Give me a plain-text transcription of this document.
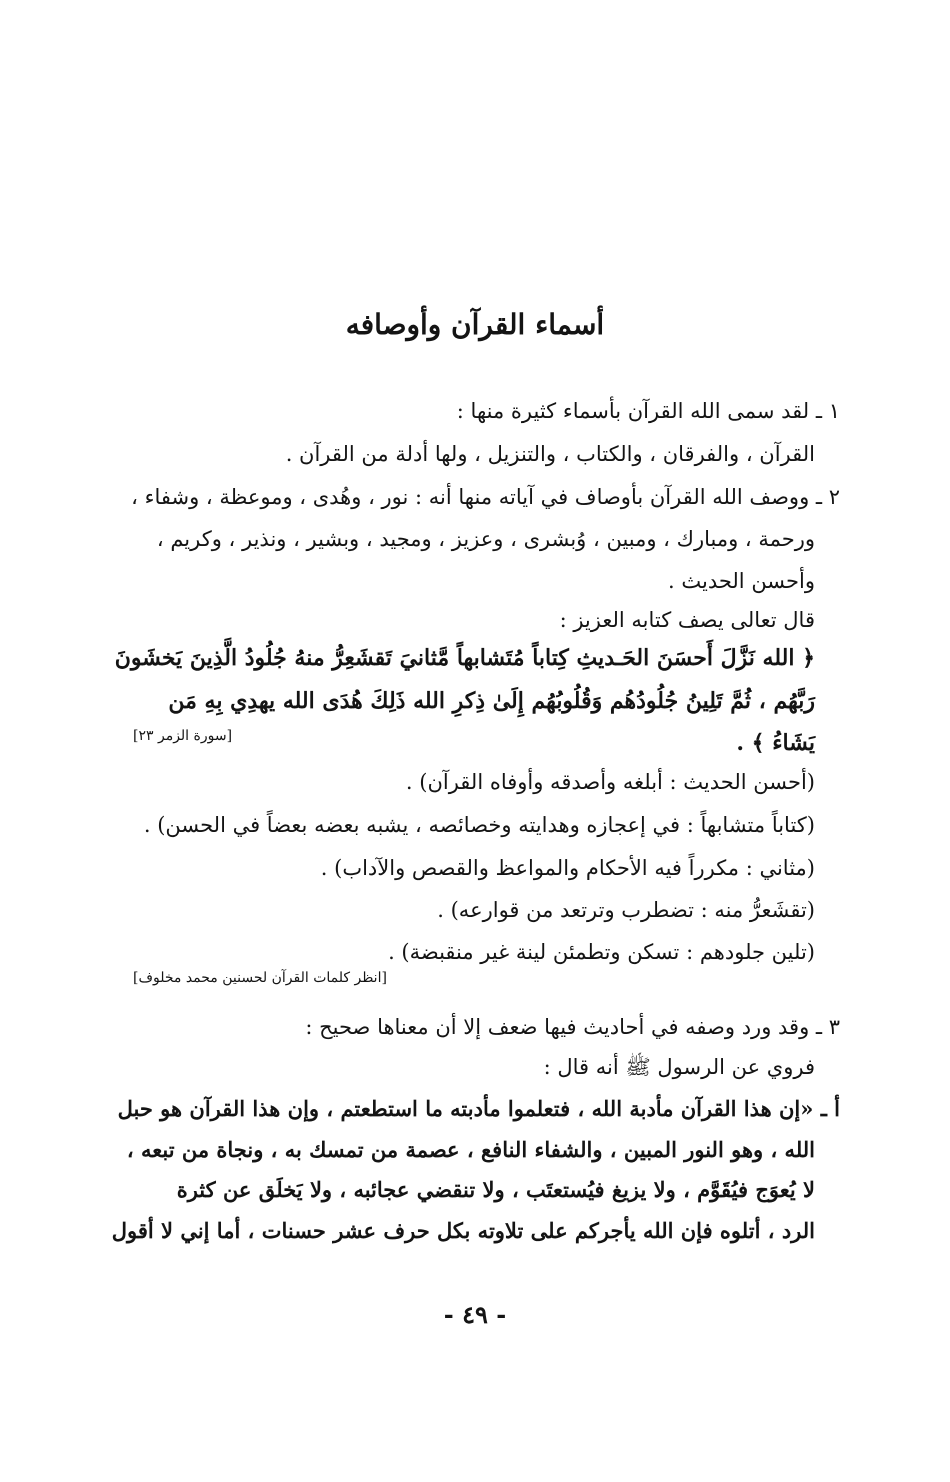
أسماء القرآن وأوصافه
١ ـ لقد سمى الله القرآن بأسماء كثيرة منها :
القرآن ، والفرقان ، والكتاب ، والتنزيل ، ولها أدلة من القرآن .
٢ ـ ووصف الله القرآن بأوصاف في آياته منها أنه : نور ، وهُدى ، وموعظة ، وشفاء ،
ورحمة ، ومبارك ، ومبين ، وُبشرى ، وعزيز ، ومجيد ، وبشير ، ونذير ، وكريم ،
وأحسن الحديث .
قال تعالى يصف كتابه العزيز :
﴿ الله نَزَّلَ أَحسَنَ الحَـديثِ كِتاباً مُتَشابهاً مَّثانيَ تَقشَعِرُّ منهُ جُلُودُ الَّذِينَ يَخشَونَ
رَبَّهُم ، ثُمَّ تَلِينُ جُلُودُهُم وَقُلُوبُهُم إِلَىٰ ذِكرِ الله ذَلِكَ هُدَى الله يهدِي بِهِ مَن
يَشَاءُ ﴾ .
[سورة الزمر ٢٣]
(أحسن الحديث : أبلغه وأصدقه وأوفاه القرآن) .
(كتاباً متشابهاً : في إعجازه وهدايته وخصائصه ، يشبه بعضه بعضاً في الحسن) .
(مثاني : مكرراً فيه الأحكام والمواعظ والقصص والآداب) .
(تقشَعرُّ منه : تضطرب وترتعد من قوارعه) .
(تلين جلودهم : تسكن وتطمئن لينة غير منقبضة) .
[انظر كلمات القرآن لحسنين محمد مخلوف]
٣ ـ وقد ورد وصفه في أحاديث فيها ضعف إلا أن معناها صحيح :
فروي عن الرسول ﷺ أنه قال :
أ ـ «إن هذا القرآن مأدبة الله ، فتعلموا مأدبته ما استطعتم ، وإن هذا القرآن هو حبل
الله ، وهو النور المبين ، والشفاء النافع ، عصمة من تمسك به ، ونجاة من تبعه ،
لا يُعوَج فيُقَوَّم ، ولا يزيغ فيُستعتَب ، ولا تنقضي عجائبه ، ولا يَخلَق عن كثرة
الرد ، أتلوه فإن الله يأجركم على تلاوته بكل حرف عشر حسنات ، أما إني لا أقول
- ٤٩ -
